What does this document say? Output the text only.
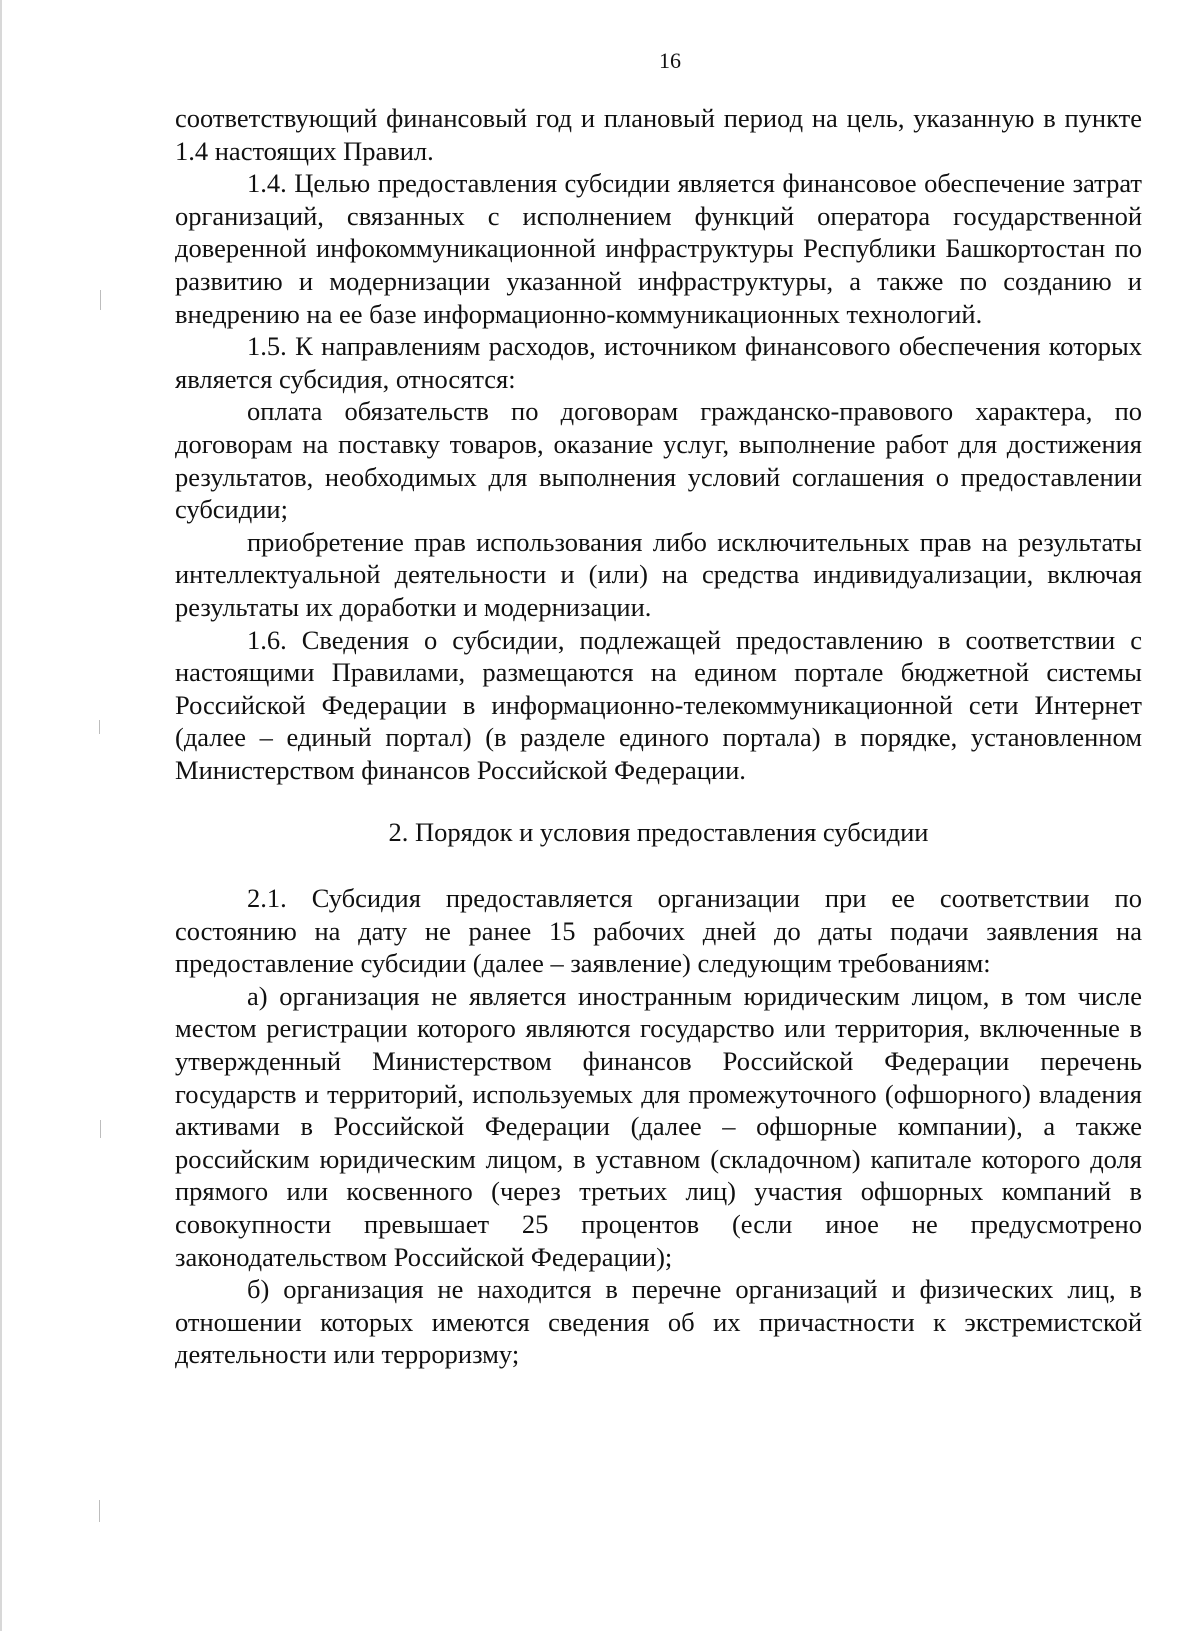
16

соответствующий финансовый год и плановый период на цель, указанную в пункте 1.4 настоящих Правил.

1.4. Целью предоставления субсидии является финансовое обеспечение затрат организаций, связанных с исполнением функций оператора государственной доверенной инфокоммуникационной инфраструктуры Республики Башкортостан по развитию и модернизации указанной инфраструктуры, а также по созданию и внедрению на ее базе информационно-коммуникационных технологий.

1.5. К направлениям расходов, источником финансового обеспечения которых является субсидия, относятся:

оплата обязательств по договорам гражданско-правового характера, по договорам на поставку товаров, оказание услуг, выполнение работ для достижения результатов, необходимых для выполнения условий соглашения о предоставлении субсидии;

приобретение прав использования либо исключительных прав на результаты интеллектуальной деятельности и (или) на средства индивидуализации, включая результаты их доработки и модернизации.

1.6. Сведения о субсидии, подлежащей предоставлению в соответствии с настоящими Правилами, размещаются на едином портале бюджетной системы Российской Федерации в информационно-телекоммуникационной сети Интернет (далее – единый портал) (в разделе единого портала) в порядке, установленном Министерством финансов Российской Федерации.

2. Порядок и условия предоставления субсидии

2.1. Субсидия предоставляется организации при ее соответствии по состоянию на дату не ранее 15 рабочих дней до даты подачи заявления на предоставление субсидии (далее – заявление) следующим требованиям:

а) организация не является иностранным юридическим лицом, в том числе местом регистрации которого являются государство или территория, включенные в утвержденный Министерством финансов Российской Федерации перечень государств и территорий, используемых для промежуточного (офшорного) владения активами в Российской Федерации (далее – офшорные компании), а также российским юридическим лицом, в уставном (складочном) капитале которого доля прямого или косвенного (через третьих лиц) участия офшорных компаний в совокупности превышает 25 процентов (если иное не предусмотрено законодательством Российской Федерации);

б) организация не находится в перечне организаций и физических лиц, в отношении которых имеются сведения об их причастности к экстремистской деятельности или терроризму;
